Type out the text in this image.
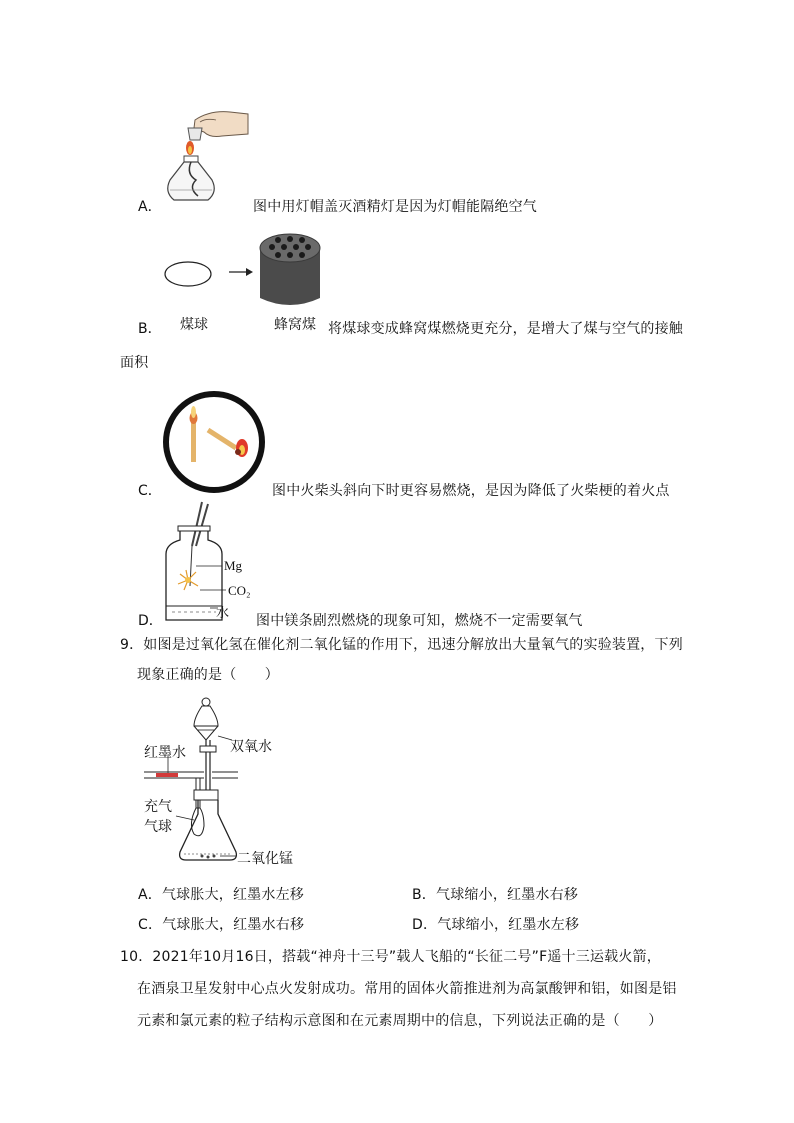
A．	图中用灯帽盖灭酒精灯是因为灯帽能隔绝空气
B． 煤球	蜂窝煤 将煤球变成蜂窝煤燃烧更充分，是增大了煤与空气的接触
面积
C．	图中火柴头斜向下时更容易燃烧，是因为降低了火柴梗的着火点
Mg
CO₂
水
D．	图中镁条剧烈燃烧的现象可知，燃烧不一定需要氧气
9．如图是过氧化氢在催化剂二氧化锰的作用下，迅速分解放出大量氧气的实验装置，下列
现象正确的是（　　）
红墨水	双氧水
充气
气球
二氧化锰
A．气球胀大，红墨水左移	B．气球缩小，红墨水右移
C．气球胀大，红墨水右移	D．气球缩小，红墨水左移
10．2021年10月16日，搭载“神舟十三号”载人飞船的“长征二号”F遥十三运载火箭，
在酒泉卫星发射中心点火发射成功。常用的固体火箭推进剂为高氯酸钾和铝，如图是铝
元素和氯元素的粒子结构示意图和在元素周期中的信息，下列说法正确的是（　　）
